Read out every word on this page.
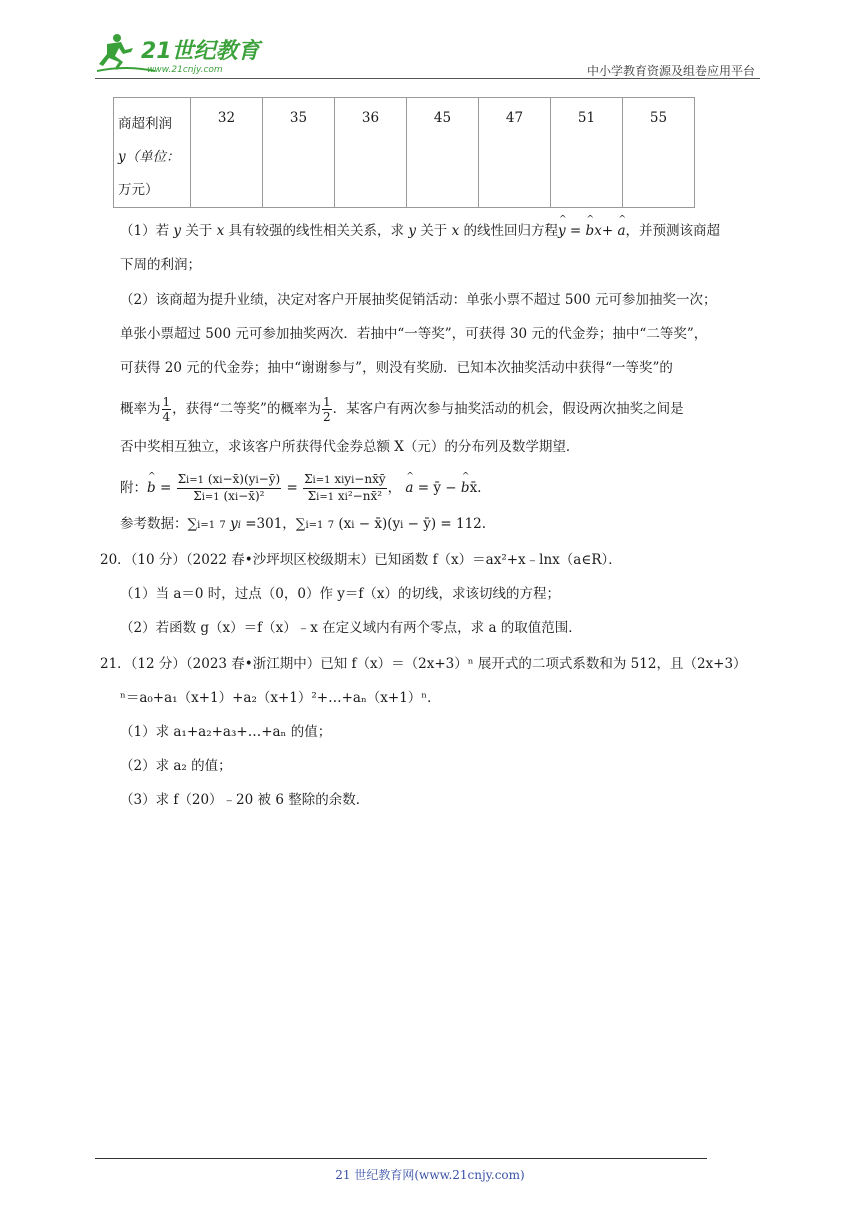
21世纪教育
www.21cnjy.com	中小学教育资源及组卷应用平台
商超利润
y（单位：
万元）	32	35	36	45	47	51	55
（1）若 y 关于 x 具有较强的线性相关关系，求 y 关于 x 的线性回归方程^ y = ^ bx+ ^ a，并预测该商超
下周的利润；
（2）该商超为提升业绩，决定对客户开展抽奖促销活动：单张小票不超过 500 元可参加抽奖一次；
单张小票超过 500 元可参加抽奖两次．若抽中“一等奖”，可获得 30 元的代金券；抽中“二等奖”，
可获得 20 元的代金券；抽中“谢谢参与”，则没有奖励．已知本次抽奖活动中获得“一等奖”的
概率为 $\frac{1}{4}$ ，获得“二等奖”的概率为 $\frac{1}{2}$ ．某客户有两次参与抽奖活动的机会，假设两次抽奖之间是
否中奖相互独立，求该客户所获得代金券总额 X（元）的分布列及数学期望．
附：^ $b = \frac{\Sigma i=1 (xi-x̄)(yi-ȳ)}{\text{Σi=1 (xi−x̄)²}} = \frac{\text{Σi=1 xiyi−nx̄ȳ}}{\text{Σi=1 xi²−nx̄²}}$ ， ^ a = ȳ − ^ bx̄.
参考数据：∑i=1 7 yi =301，∑i=1 7 (xi − x̄)(yi − ȳ) = 112.
20．（10 分）（2022 春•沙坪坝区校级期末）已知函数 f（x）＝ax²+x﹣lnx（a∈R）．
（1）当 a＝0 时，过点（0，0）作 y＝f（x）的切线，求该切线的方程；
（2）若函数 g（x）＝f（x）﹣x 在定义域内有两个零点，求 a 的取值范围．
21．（12 分）（2023 春•浙江期中）已知 f（x）＝（2x+3）ⁿ 展开式的二项式系数和为 512，且（2x+3）
ⁿ＝a₀+a₁（x+1）+a₂（x+1）²+…+aₙ（x+1）ⁿ．
（1）求 a₁+a₂+a₃+…+aₙ 的值；
（2）求 a₂ 的值；
（3）求 f（20）﹣20 被 6 整除的余数．
21 世纪教育网(www.21cnjy.com)
